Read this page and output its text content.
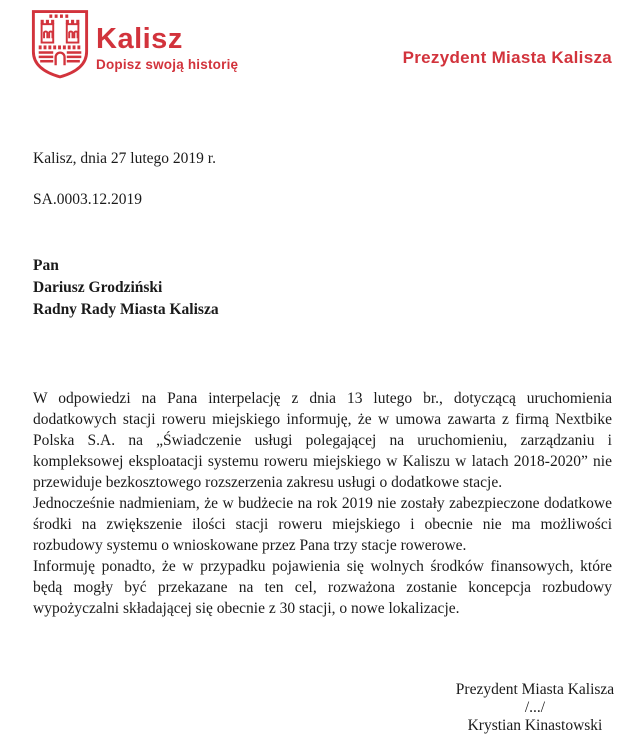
Kalisz
Dopisz swoją historię	Prezydent Miasta Kalisza
Kalisz, dnia 27 lutego 2019 r.
SA.0003.12.2019
Pan
Dariusz Grodziński
Radny Rady Miasta Kalisza

W odpowiedzi na Pana interpelację z dnia 13 lutego br., dotyczącą uruchomienia dodatkowych stacji roweru miejskiego informuję, że w umowa zawarta z firmą Nextbike Polska S.A. na „Świadczenie usługi polegającej na uruchomieniu, zarządzaniu i kompleksowej eksploatacji systemu roweru miejskiego w Kaliszu w latach 2018-2020” nie przewiduje bezkosztowego rozszerzenia zakresu usługi o dodatkowe stacje.

Jednocześnie nadmieniam, że w budżecie na rok 2019 nie zostały zabezpieczone dodatkowe środki na zwiększenie ilości stacji roweru miejskiego i obecnie nie ma możliwości rozbudowy systemu o wnioskowane przez Pana trzy stacje rowerowe.

Informuję ponadto, że w przypadku pojawienia się wolnych środków finansowych, które będą mogły być przekazane na ten cel, rozważona zostanie koncepcja rozbudowy wypożyczalni składającej się obecnie z 30 stacji, o nowe lokalizacje.

Prezydent Miasta Kalisza
/.../
Krystian Kinastowski
